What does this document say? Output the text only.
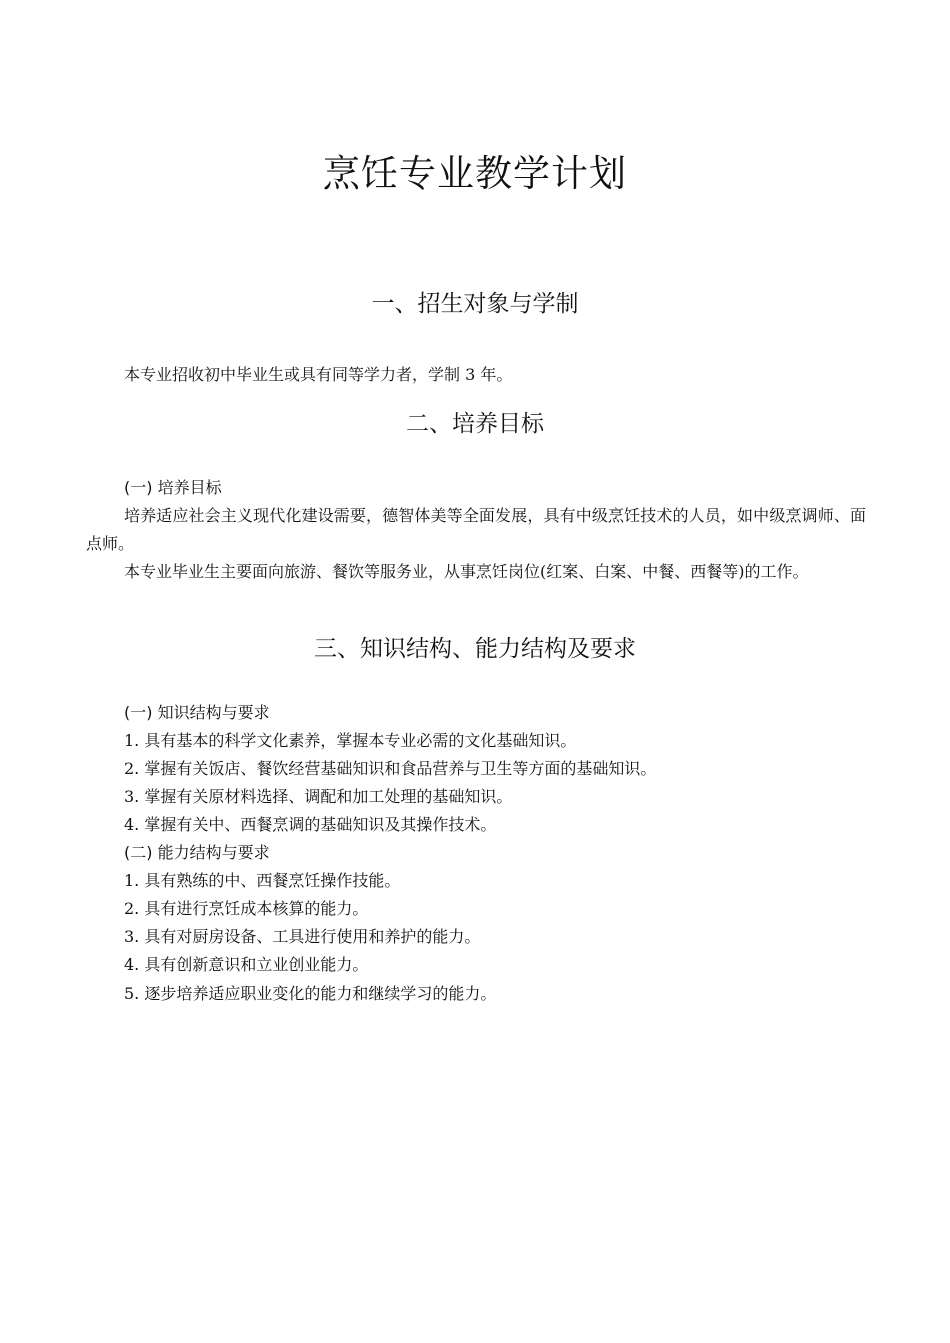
烹饪专业教学计划
一、招生对象与学制
本专业招收初中毕业生或具有同等学力者，学制 3 年。
二、培养目标
(一) 培养目标
培养适应社会主义现代化建设需要，德智体美等全面发展，具有中级烹饪技术的人员，如中级烹调师、面点师。
本专业毕业生主要面向旅游、餐饮等服务业，从事烹饪岗位(红案、白案、中餐、西餐等)的工作。
三、知识结构、能力结构及要求
(一) 知识结构与要求
1. 具有基本的科学文化素养，掌握本专业必需的文化基础知识。
2. 掌握有关饭店、餐饮经营基础知识和食品营养与卫生等方面的基础知识。
3. 掌握有关原材料选择、调配和加工处理的基础知识。
4. 掌握有关中、西餐烹调的基础知识及其操作技术。
(二) 能力结构与要求
1. 具有熟练的中、西餐烹饪操作技能。
2. 具有进行烹饪成本核算的能力。
3. 具有对厨房设备、工具进行使用和养护的能力。
4. 具有创新意识和立业创业能力。
5. 逐步培养适应职业变化的能力和继续学习的能力。
